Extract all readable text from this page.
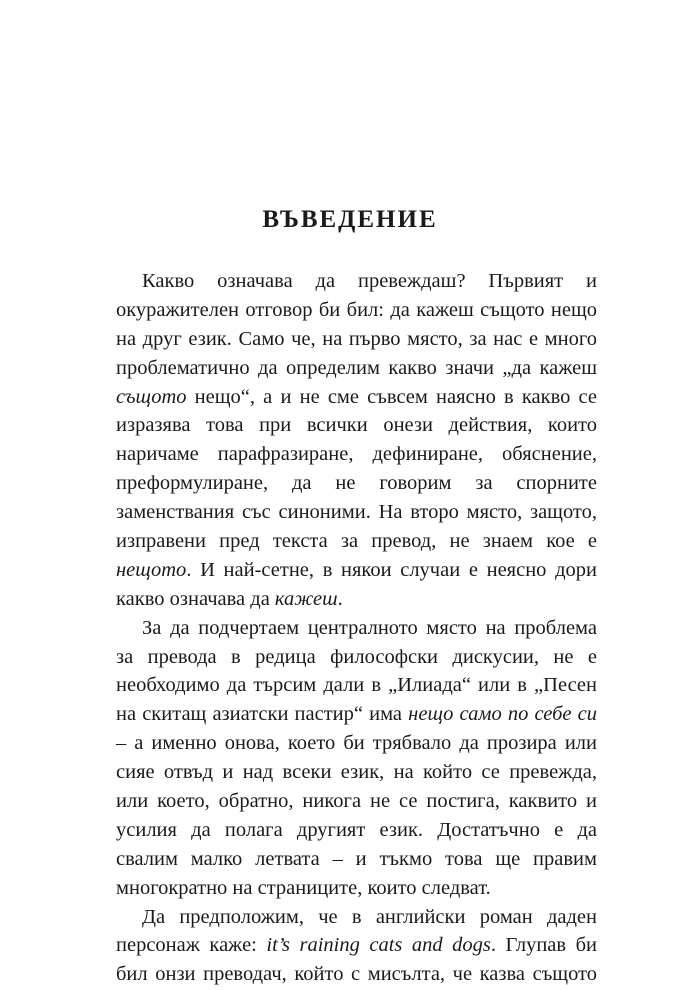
ВЪВЕДЕНИЕ
Какво означава да превеждаш? Първият и
окуражителен отговор би бил: да кажеш същото нещо
на друг език. Само че, на първо място, за нас е много
проблематично да определим какво значи „да кажеш
същото нещо“, а и не сме съвсем наясно в какво се
изразява това при всички онези действия, които
наричаме парафразиране, дефиниране, обяснение,
преформулиране, да не говорим за спорните
заменствания със синоними. На второ място, защото,
изправени пред текста за превод, не знаем кое е
нещото. И най-сетне, в някои случаи е неясно дори
какво означава да кажеш.
За да подчертаем централното място на проблема
за превода в редица философски дискусии, не е
необходимо да търсим дали в „Илиада“ или в „Песен
на скитащ азиатски пастир“ има нещо само по себе си
– а именно онова, което би трябвало да прозира или
сияе отвъд и над всеки език, на който се превежда,
или което, обратно, никога не се постига, каквито и
усилия да полага другият език. Достатъчно е да
свалим малко летвата – и тъкмо това ще правим
многократно на страниците, които следват.
Да предположим, че в английски роман даден
персонаж каже: it’s raining cats and dogs. Глупав би
бил онзи преводач, който с мисълта, че казва същото
